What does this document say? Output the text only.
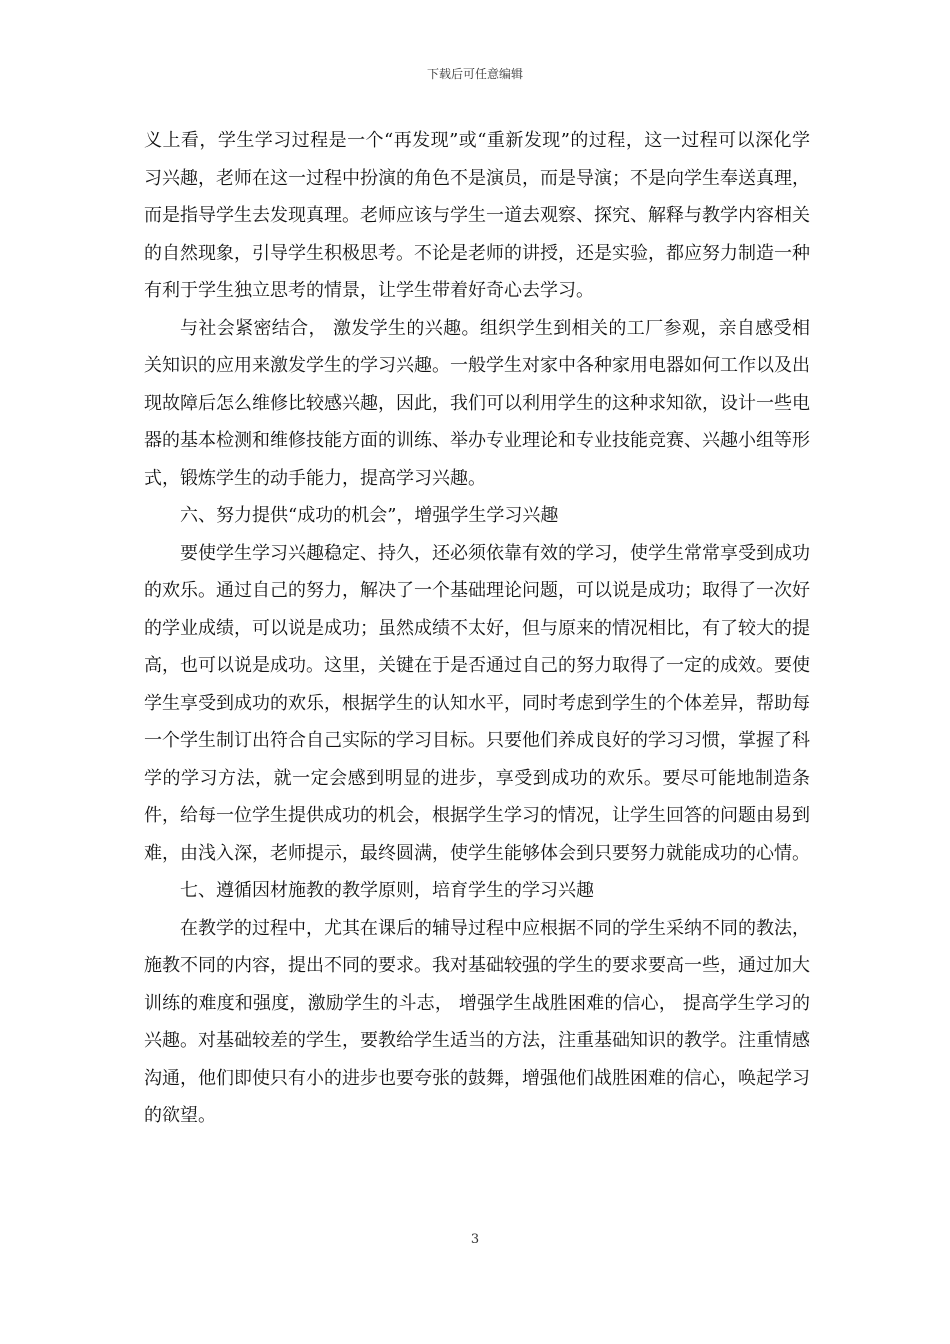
下载后可任意编辑

义上看，学生学习过程是一个“再发现”或“重新发现”的过程，这一过程可以深化学习兴趣，老师在这一过程中扮演的角色不是演员，而是导演；不是向学生奉送真理，而是指导学生去发现真理。老师应该与学生一道去观察、探究、解释与教学内容相关的自然现象，引导学生积极思考。不论是老师的讲授，还是实验，都应努力制造一种有利于学生独立思考的情景，让学生带着好奇心去学习。

与社会紧密结合， 激发学生的兴趣。组织学生到相关的工厂参观，亲自感受相关知识的应用来激发学生的学习兴趣。一般学生对家中各种家用电器如何工作以及出现故障后怎么维修比较感兴趣，因此，我们可以利用学生的这种求知欲，设计一些电器的基本检测和维修技能方面的训练、举办专业理论和专业技能竞赛、兴趣小组等形式，锻炼学生的动手能力，提高学习兴趣。

六、努力提供“成功的机会”，增强学生学习兴趣

要使学生学习兴趣稳定、持久，还必须依靠有效的学习，使学生常常享受到成功的欢乐。通过自己的努力，解决了一个基础理论问题，可以说是成功；取得了一次好的学业成绩，可以说是成功；虽然成绩不太好，但与原来的情况相比，有了较大的提高，也可以说是成功。这里，关键在于是否通过自己的努力取得了一定的成效。要使学生享受到成功的欢乐，根据学生的认知水平，同时考虑到学生的个体差异，帮助每一个学生制订出符合自己实际的学习目标。只要他们养成良好的学习习惯，掌握了科学的学习方法，就一定会感到明显的进步，享受到成功的欢乐。要尽可能地制造条件，给每一位学生提供成功的机会，根据学生学习的情况，让学生回答的问题由易到难，由浅入深，老师提示，最终圆满，使学生能够体会到只要努力就能成功的心情。

七、遵循因材施教的教学原则，培育学生的学习兴趣

在教学的过程中，尤其在课后的辅导过程中应根据不同的学生采纳不同的教法，施教不同的内容，提出不同的要求。我对基础较强的学生的要求要高一些，通过加大训练的难度和强度，激励学生的斗志， 增强学生战胜困难的信心， 提高学生学习的兴趣。对基础较差的学生，要教给学生适当的方法，注重基础知识的教学。注重情感沟通，他们即使只有小的进步也要夸张的鼓舞，增强他们战胜困难的信心，唤起学习的欲望。

3
